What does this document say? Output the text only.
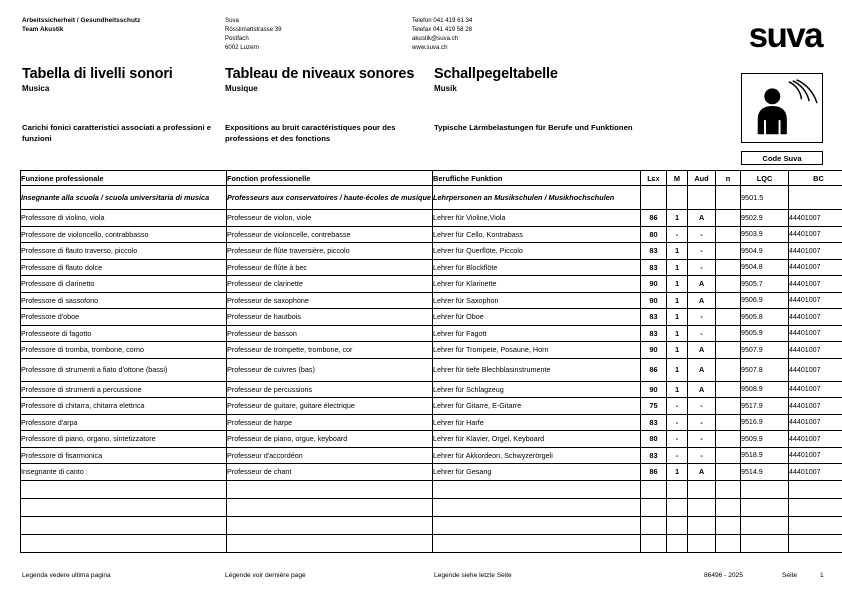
Arbeitssicherheit / Gesundheitsschutz
Team Akustik
Suva
Rösslimattstrasse 39
Postfach
6002 Luzern
Telefon 041 419 61 34
Telefax 041 419 58 28
akustik@suva.ch
www.suva.ch	suva
Tabella di livelli sonori
Musica
Tableau de niveaux sonores
Musique
Schallpegeltabelle
Musik
Carichi fonici caratteristici associati a professioni e funzioni
Expositions au bruit caractéristiques pour des professions et des fonctions
Typische Lärmbelastungen für Berufe und Funktionen
Code Suva
Funzione professionale	Fonction professionelle	Berufliche Funktion	LEX	M	Aud	n	LQC	BC
Insegnante alla scuola / scuola universitaria di musica	Professeurs aux conservatoires / haute-écoles de musique	Lehrpersonen an Musikschulen / Musikhochschulen					9501.5	
Professore di violino, viola	Professeur de violon, viole	Lehrer für Violine,Viola	86	1	A		9502.9	44401007
Professore de violoncello, contrabbasso	Professeur de violoncelle, contrebasse	Lehrer für Cello, Kontrabass	80	-	-		9503.9	44401007
Professore di flauto traverso, piccolo	Professeur de flûte traversière, piccolo	Lehrer für Querflöte, Piccolo	83	1	-		9504.9	44401007
Professore di flauto dolce	Professeur de flûte à bec	Lehrer für Blockflöte	83	1	-		9504.8	44401007
Professore di clarinetto	Professeur de clarinette	Lehrer für Klarinette	90	1	A		9505.7	44401007
Professore di sassofono	Professeur de saxophone	Lehrer für Saxophon	90	1	A		9506.9	44401007
Professore d'oboe	Professeur de hautbois	Lehrer für Oboe	83	1	-		9505.8	44401007
Professeore di fagotto	Professeur de basson	Lehrer für Fagott	83	1	-		9505.9	44401007
Professore di tromba, trombone, corno	Professeur de trompette, trombone, cor	Lehrer für Trompete, Posaune, Horn	90	1	A		9507.9	44401007
Professore di strumenti a fiato d'ottone (bassi)	Professeur de cuivres (bas)	Lehrer für tiefe Blechblasinstrumente	86	1	A		9507.8	44401007
Professore di strumenti a percussione	Professeur de percussions	Lehrer für Schlagzeug	90	1	A		9508.9	44401007
Professore di chitarra, chitarra elettrica	Professeur de guitare, guitare électrique	Lehrer für Gitarre, E-Gitarre	75	-	-		9517.9	44401007
Professore d'arpa	Professeur de harpe	Lehrer für Harfe	83	-	-		9516.9	44401007
Professore di piano, organo, sintetizzatore	Professeur de piano, orgue, keyboard	Lehrer für Klavier, Orgel, Keyboard	80	-	-		9509.9	44401007
Professore di fisarmonica	Professeur d'accordéon	Lehrer für Akkordeon, Schwyzerörgeli	83	-	-		9518.9	44401007
Insegnante di canto	Professeur de chant	Lehrer für Gesang	86	1	A		9514.9	44401007

Legenda vedere ultima pagina	Légende voir dernière page	Legende siehe letzte Seite	86496 - 2025	Seite	1
